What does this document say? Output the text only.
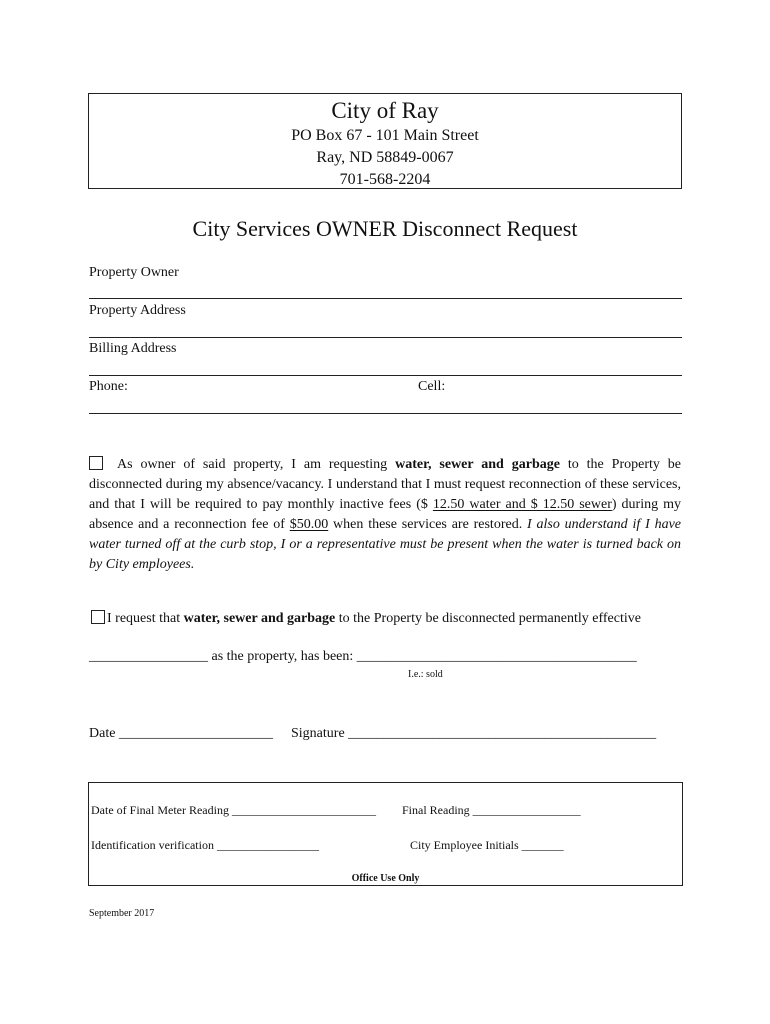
City of Ray
PO Box 67 - 101 Main Street
Ray, ND 58849-0067
701-568-2204
City Services OWNER Disconnect Request
Property Owner
Property Address
Billing Address
Phone:	Cell:
As owner of said property, I am requesting water, sewer and garbage to the Property be disconnected during my absence/vacancy. I understand that I must request reconnection of these services, and that I will be required to pay monthly inactive fees ($ 12.50 water and $ 12.50 sewer) during my absence and a reconnection fee of $50.00 when these services are restored. I also understand if I have water turned off at the curb stop, I or a representative must be present when the water is turned back on by City employees.
I request that water, sewer and garbage to the Property be disconnected permanently effective
_________________ as the property, has been: ________________________________________
I.e.: sold
Date ______________________ Signature ____________________________________________
Date of Final Meter Reading ________________________ Final Reading __________________
Identification verification _________________	City Employee Initials _______
Office Use Only
September 2017
